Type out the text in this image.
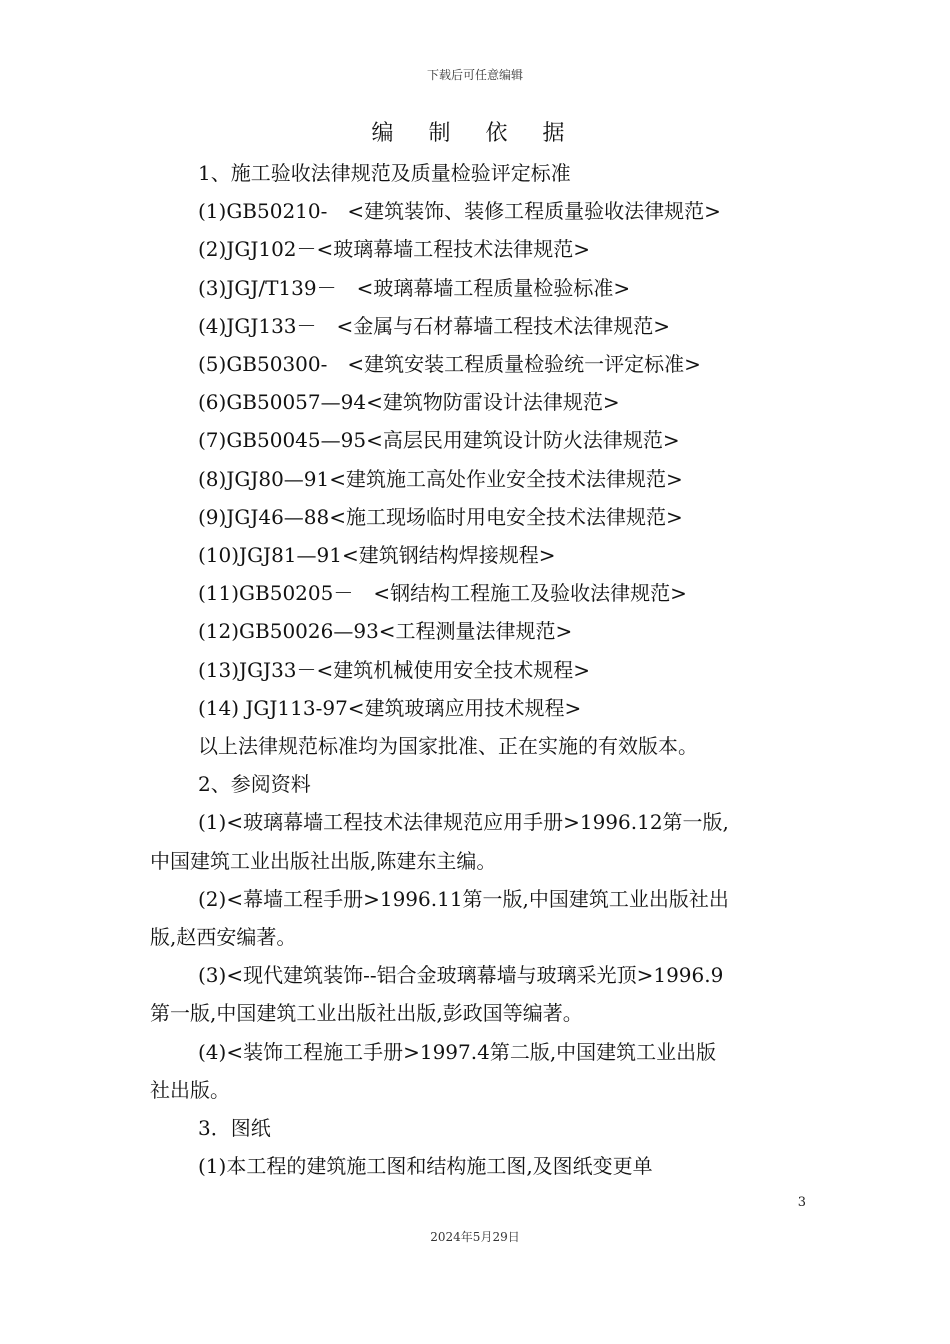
下载后可任意编辑
编 制 依 据
1、施工验收法律规范及质量检验评定标准
(1)GB50210-　<建筑装饰、装修工程质量验收法律规范>
(2)JGJ102－<玻璃幕墙工程技术法律规范>
(3)JGJ/T139－　<玻璃幕墙工程质量检验标准>
(4)JGJ133－　<金属与石材幕墙工程技术法律规范>
(5)GB50300-　<建筑安装工程质量检验统一评定标准>
(6)GB50057—94<建筑物防雷设计法律规范>
(7)GB50045—95<高层民用建筑设计防火法律规范>
(8)JGJ80—91<建筑施工高处作业安全技术法律规范>
(9)JGJ46—88<施工现场临时用电安全技术法律规范>
(10)JGJ81—91<建筑钢结构焊接规程>
(11)GB50205－　<钢结构工程施工及验收法律规范>
(12)GB50026—93<工程测量法律规范>
(13)JGJ33－<建筑机械使用安全技术规程>
(14) JGJ113-97<建筑玻璃应用技术规程>
以上法律规范标准均为国家批准、正在实施的有效版本。
2、参阅资料
(1)<玻璃幕墙工程技术法律规范应用手册>1996.12第一版,
中国建筑工业出版社出版,陈建东主编。
(2)<幕墙工程手册>1996.11第一版,中国建筑工业出版社出
版,赵西安编著。
(3)<现代建筑装饰--铝合金玻璃幕墙与玻璃采光顶>1996.9
第一版,中国建筑工业出版社出版,彭政国等编著。
(4)<装饰工程施工手册>1997.4第二版,中国建筑工业出版
社出版。
3．图纸
(1)本工程的建筑施工图和结构施工图,及图纸变更单
3
2024年5月29日
